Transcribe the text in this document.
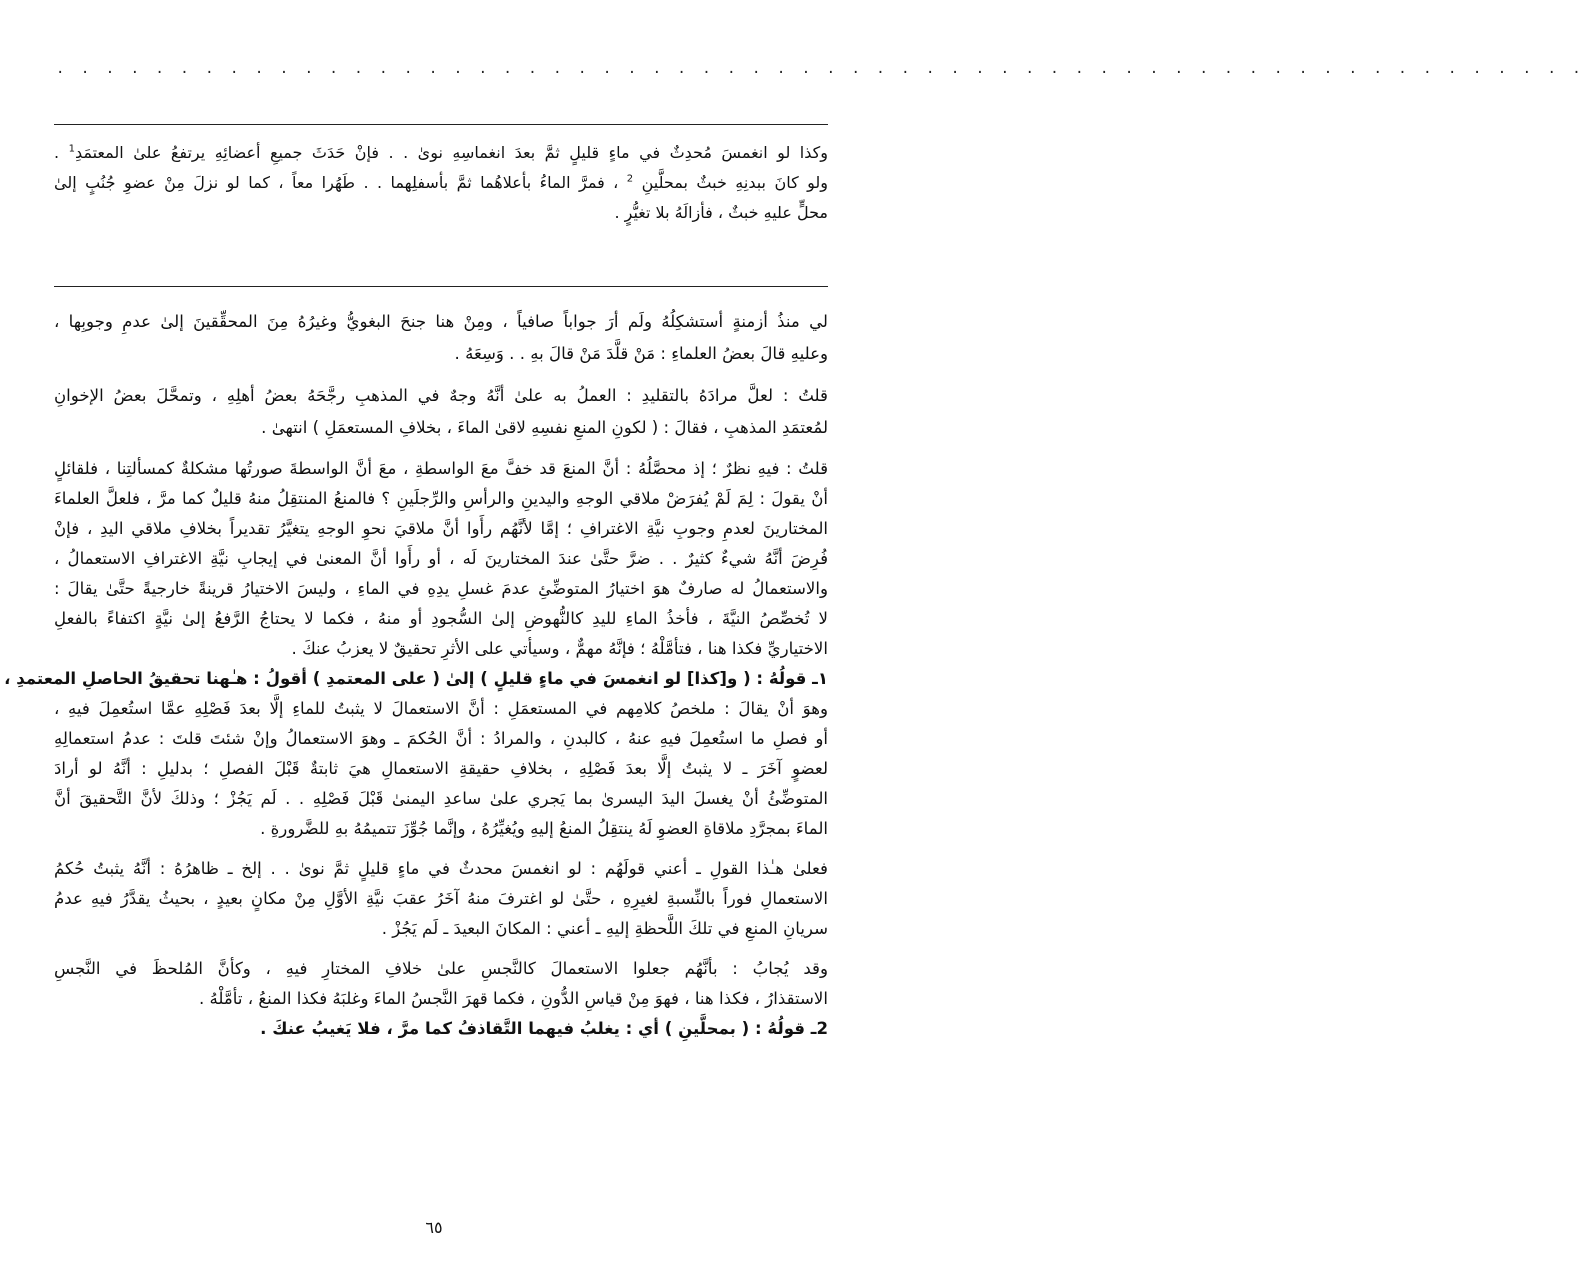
. . . . . . . . . . . . . . . . . . . . . . . . . . . . . . . . . . . . . . . . . . . . . . . . . . . . . . . . . . . . . .
وكذا لو انغمسَ مُحدِثٌ في ماءٍ قليلٍ ثمَّ بعدَ انغماسِهِ نوىٰ . . فإنْ حَدَثَ جميعِ أعضائِهِ يرتفعُ علىٰ المعتمَدِ$^1$ .
ولو كانَ ببدنِهِ خبثٌ بمحلَّينِ $^2$ ، فمرَّ الماءُ بأعلاهُما ثمَّ بأسفلِهما . . طَهُرا معاً ، كما لو نزلَ مِنْ عضوِ جُنُبٍ إلىٰ
محلٍّ عليهِ خبثٌ ، فأزالَهُ بلا تغيُّرٍ .
لي منذُ أزمنةٍ أستشكِلُهُ ولَم أرَ جواباً صافياً ، ومِنْ هنا جنحَ البغويُّ وغيرُهُ مِنَ المحقِّقينَ إلىٰ عدمِ وجوبِها ،
وعليهِ قالَ بعضُ العلماءِ : مَنْ قلَّدَ مَنْ قالَ بهِ . . وَسِعَهُ .
قلتُ : لعلَّ مرادَهُ بالتقليدِ : العملُ به علىٰ أنَّهُ وجهٌ في المذهبِ رجَّحَهُ بعضُ أهلِهِ ، وتمحَّلَ بعضُ الإخوانِ
لمُعتمَدِ المذهبِ ، فقالَ : ( لكونِ المنعِ نفسِهِ لاقىٰ الماءَ ، بخلافِ المستعمَلِ ) انتهىٰ .
قلتُ : فيهِ نظرٌ ؛ إذ محصَّلُهُ : أنَّ المنعَ قد خفَّ معَ الواسطةِ ، معَ أنَّ الواسطةَ صورتُها مشكلةٌ كمسألتِنا ، فلقائلٍ
أنْ يقولَ : لِمَ لَمْ يُفرَضْ ملاقي الوجهِ واليدينِ والرأسِ والرِّجلَينِ ؟ فالمنعُ المنتقِلُ منهُ قليلٌ كما مرَّ ، فلعلَّ العلماءَ
المختارينَ لعدمِ وجوبِ نيَّةِ الاغترافِ ؛ إمَّا لأنَّهُم رأَوا أنَّ ملاقيَ نحوِ الوجهِ يتغيَّرُ تقديراً بخلافِ ملاقي اليدِ ، فإنْ
فُرِضَ أنَّهُ شيءٌ كثيرٌ . . ضرَّ حتَّىٰ عندَ المختارينَ لَه ، أو رأَوا أنَّ المعنىٰ في إيجابِ نيَّةِ الاغترافِ الاستعمالُ ،
والاستعمالُ له صارفٌ هوَ اختيارُ المتوضِّئِ عدمَ غسلِ يدِهِ في الماءِ ، وليسَ الاختيارُ قرينةً خارجيةً حتَّىٰ يقالَ :
لا تُخصِّصُ النيَّةَ ، فأخذُ الماءِ لليدِ كالنُّهوضِ إلىٰ السُّجودِ أو منهُ ، فكما لا يحتاجُ الرَّفعُ إلىٰ نيَّةٍ اكتفاءً بالفعلِ
الاختياريِّ فكذا هنا ، فتأمَّلْهُ ؛ فإنَّهُ مهمٌّ ، وسيأتي على الأثرِ تحقيقٌ لا يعزبُ عنكَ .
١ـ قولُهُ : ( و[كذا] لو انغمسَ في ماءٍ قليلٍ ) إلىٰ ( على المعتمدِ ) أقولُ : هـٰهنا تحقيقُ الحاصلِ المعتمدِ ،
وهوَ أنْ يقالَ : ملخصُ كلامِهم في المستعمَلِ : أنَّ الاستعمالَ لا يثبتُ للماءِ إلَّا بعدَ فَصْلِهِ عمَّا استُعمِلَ فيهِ ،
أو فصلِ ما استُعمِلَ فيهِ عنهُ ، كالبدنِ ، والمرادُ : أنَّ الحُكمَ ـ وهوَ الاستعمالُ وإنْ شئتَ قلتَ : عدمُ استعمالِهِ
لعضوٍ آخَرَ ـ لا يثبتُ إلَّا بعدَ فَصْلِهِ ، بخلافِ حقيقةِ الاستعمالِ هيَ ثابتةٌ قَبْلَ الفصلِ ؛ بدليلِ : أنَّهُ لو أرادَ
المتوضِّئُ أنْ يغسلَ اليدَ اليسرىٰ بما يَجري علىٰ ساعدِ اليمنىٰ قَبْلَ فَصْلِهِ . . لَم يَجُزْ ؛ وذلكَ لأنَّ التَّحقيقَ أنَّ
الماءَ بمجرَّدِ ملاقاةِ العضوِ لَهُ ينتقِلُ المنعُ إليهِ ويُغيِّرُهُ ، وإنَّما جُوِّزَ تتميمُهُ بهِ للضَّرورةِ .
فعلىٰ هـٰذا القولِ ـ أعني قولَهُم : لو انغمسَ محدثٌ في ماءٍ قليلٍ ثمَّ نوىٰ . . إلخ ـ ظاهرُهُ : أنَّهُ يثبتُ حُكمُ
الاستعمالِ فوراً بالنِّسبةِ لغيرِهِ ، حتَّىٰ لو اغترفَ منهُ آخَرُ عقبَ نيَّةِ الأوَّلِ مِنْ مكانٍ بعيدٍ ، بحيثُ يقدَّرُ فيهِ عدمُ
سريانِ المنعِ في تلكَ اللَّحظةِ إليهِ ـ أعني : المكانَ البعيدَ ـ لَم يَجُزْ .
وقد يُجابُ : بأنَّهُم جعلوا الاستعمالَ كالنَّجسِ علىٰ خلافِ المختارِ فيهِ ، وكأنَّ المُلحظَ في النَّجسِ
الاستقذارُ ، فكذا هنا ، فهوَ مِنْ قياسِ الدُّونِ ، فكما قهرَ النَّجسُ الماءَ وغلبَهُ فكذا المنعُ ، تأمَّلْهُ .
2ـ قولُهُ : ( بمحلَّينِ ) أي : يغلبُ فيهما التَّقاذفُ كما مرَّ ، فلا يَغيبُ عنكَ .
٦٥
